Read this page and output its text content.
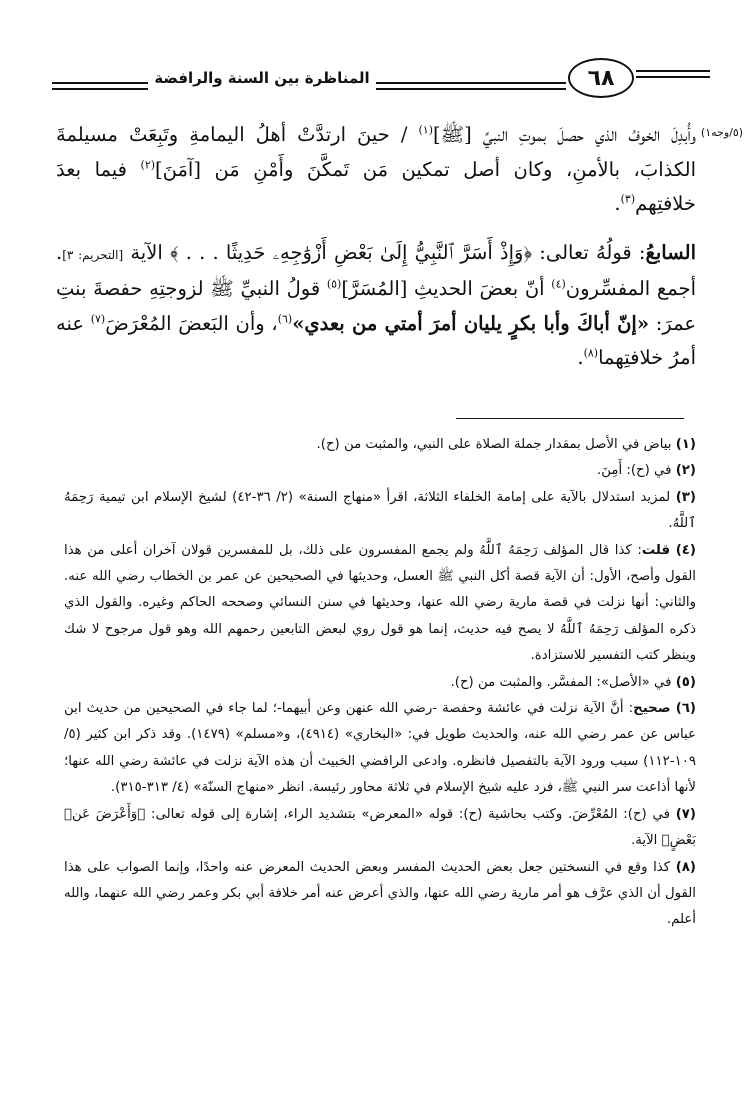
٦٨
المناظرة بين السنة والرافضة
(٥/وجه١)

وأُبدِلَ الخوفُ الذي حصلَ بموتِ النبيِّ [ﷺ]$^{(١)}$ / حينَ ارتدَّتْ أهلُ اليمامةِ وتَبِعَتْ مسيلمةَ الكذابَ، بالأمنِ، وكان أصل تمكين مَن تَمكَّنَ وأَمْنِ مَن [آمَنَ]$^{(٢)}$ فيما بعدَ خلافتِهم$^{(٣)}$.

السابعُ: قولُهُ تعالى: ﴿وَإِذْ أَسَرَّ ٱلنَّبِيُّ إِلَىٰ بَعْضِ أَزْوَٰجِهِۦ حَدِيثًا . . . ﴾ الآية [التحريم: ٣]. أجمع المفسِّرون$^{(٤)}$ أنّ بعضَ الحديثِ [المُسَرَّ]$^{(٥)}$ قولُ النبيِّ ﷺ لزوجتِهِ حفصةَ بنتِ عمرَ: «إنّ أباكَ وأبا بكرٍ يليان أمرَ أمتي من بعدي»$^{(٦)}$، وأن البَعضَ المُعْرَضَ$^{(٧)}$ عنه أمرُ خلافتِهما$^{(٨)}$.

(١) بياض في الأصل بمقدار جملة الصلاة على النبي، والمثبت من (ح).

(٢) في (ح): أَمِنَ.

(٣) لمزيد استدلال بالآية على إمامة الخلفاء الثلاثة، اقرأ «منهاج السنة» (٢/ ٣٦-٤٢) لشيخ الإسلام ابن تيمية رَحِمَهُ ٱللَّهُ.

(٤) قلت: كذا قال المؤلف رَحِمَهُ ٱللَّهُ ولم يجمع المفسرون على ذلك، بل للمفسرين قولان آخران أعلى من هذا القول وأصح، الأول: أن الآية قصة أكل النبي ﷺ العسل، وحديثها في الصحيحين عن عمر بن الخطاب رضي الله عنه. والثاني: أنها نزلت في قصة مارية رضي الله عنها، وحديثها في سنن النسائي وصححه الحاكم وغيره. والقول الذي ذكره المؤلف رَحِمَهُ ٱللَّهُ لا يصح فيه حديث، إنما هو قول روي لبعض التابعين رحمهم الله وهو قول مرجوح لا شك وينظر كتب التفسير للاستزادة.

(٥) في «الأصل»: المفسَّر. والمثبت من (ح).

(٦) صحيح: أنَّ الآية نزلت في عائشة وحفصة -رضي الله عنهن وعن أبيهما-؛ لما جاء في الصحيحين من حديث ابن عباس عن عمر رضي الله عنه، والحديث طويل في: «البخاري» (٤٩١٤)، و«مسلم» (١٤٧٩). وقد ذكر ابن كثير (٥/ ١٠٩-١١٢) سبب ورود الآية بالتفصيل فانظره. وادعى الرافضي الخبيث أن هذه الآية نزلت في عائشة رضي الله عنها؛ لأنها أذاعت سر النبي ﷺ، فرد عليه شيخ الإسلام في ثلاثة محاور رئيسة. انظر «منهاج السنّة» (٤/ ٣١٣-٣١٥).

(٧) في (ح): المُعْرِّضَ. وكتب بحاشية (ح): قوله «المعرض» بتشديد الراء، إشارة إلى قوله تعالى: ﴿وَأَعْرَضَ عَنۢ بَعْضٍ﴾ الآية.

(٨) كذا وقع في النسختين جعل بعض الحديث المفسر وبعض الحديث المعرض عنه واحدًا، وإنما الصواب على هذا القول أن الذي عرَّف هو أمر مارية رضي الله عنها، والذي أعرض عنه أمر خلافة أبي بكر وعمر رضي الله عنهما، والله أعلم.
